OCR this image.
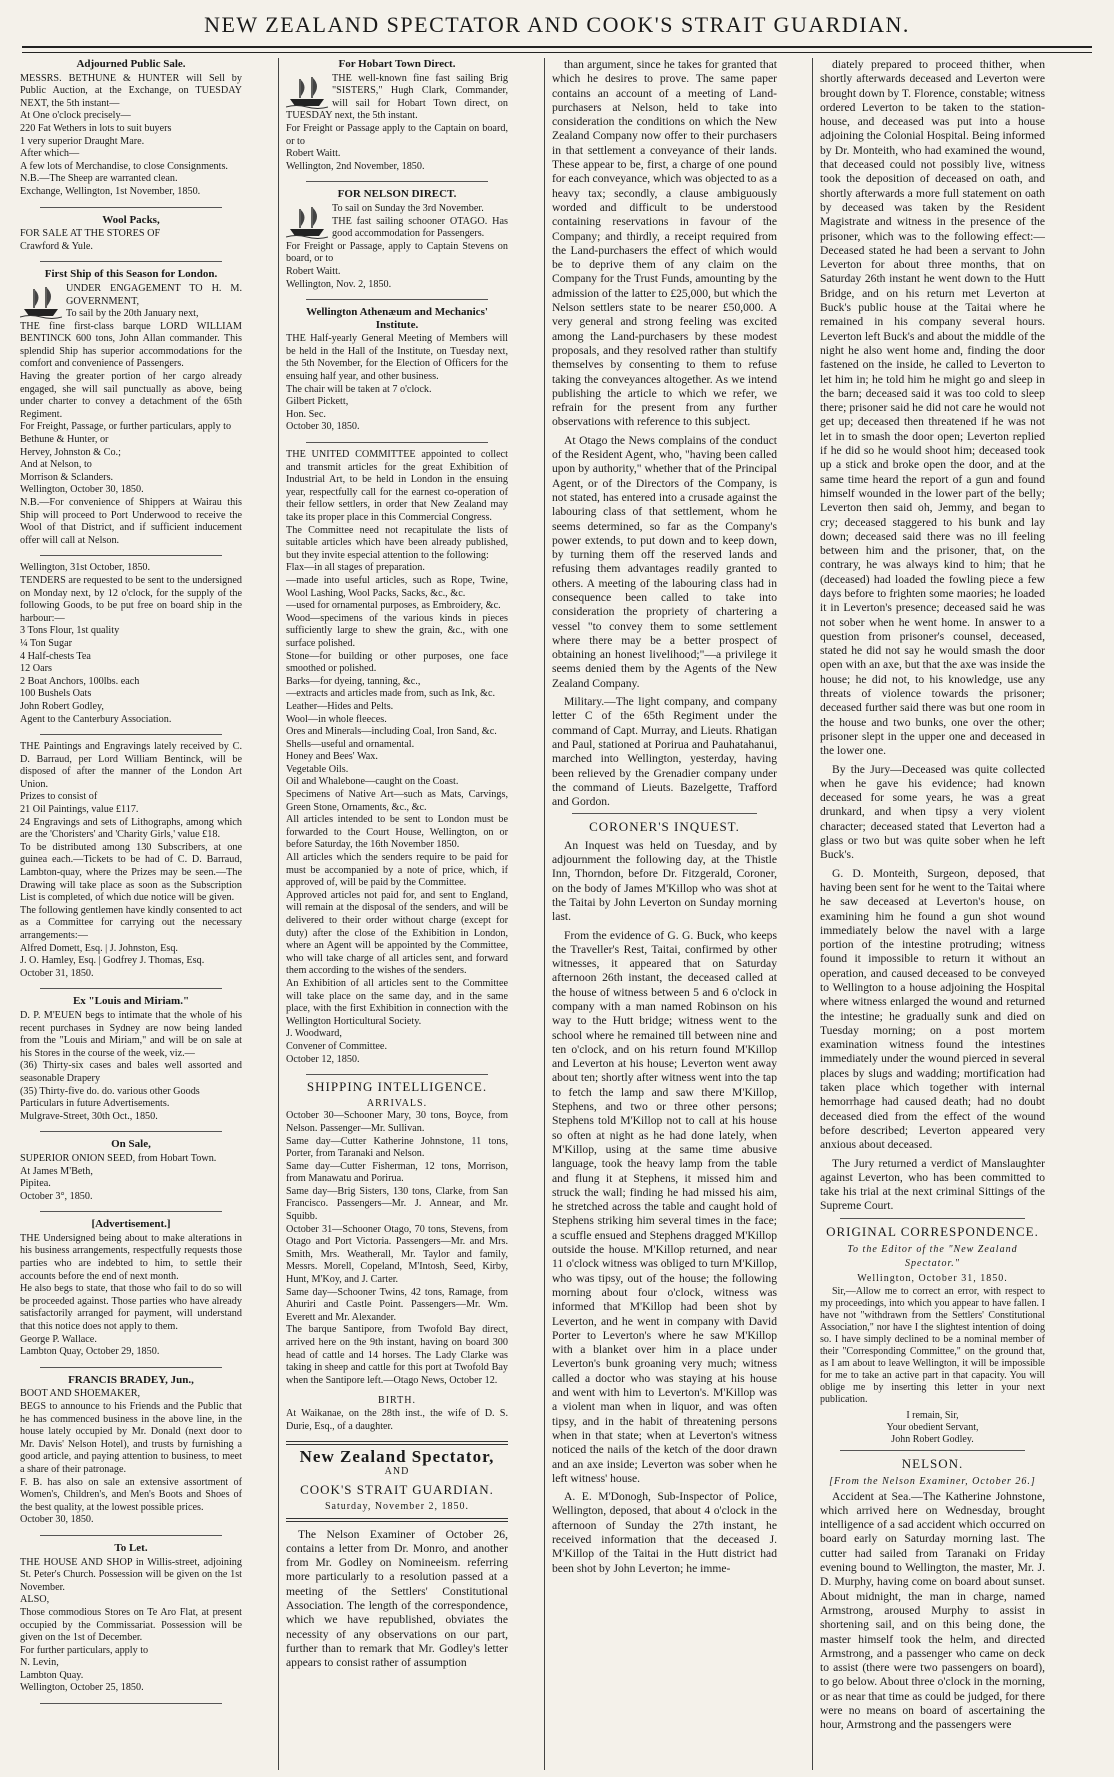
NEW ZEALAND SPECTATOR AND COOK'S STRAIT GUARDIAN.
Adjourned Public Sale.

MESSRS. BETHUNE & HUNTER will Sell by Public Auction, at the Exchange, on TUESDAY NEXT, the 5th instant—

At One o'clock precisely—

220 Fat Wethers in lots to suit buyers

1 very superior Draught Mare.

After which—

A few lots of Merchandise, to close Consignments.

N.B.—The Sheep are warranted clean.

Exchange, Wellington, 1st November, 1850.

Wool Packs,

FOR SALE AT THE STORES OF

Crawford & Yule.

First Ship of this Season for London.

UNDER ENGAGEMENT TO H. M. GOVERNMENT,

To sail by the 20th January next,

THE fine first-class barque LORD WILLIAM BENTINCK 600 tons, John Allan commander. This splendid Ship has superior accommodations for the comfort and convenience of Passengers.

Having the greater portion of her cargo already engaged, she will sail punctually as above, being under charter to convey a detachment of the 65th Regiment.

For Freight, Passage, or further particulars, apply to

Bethune & Hunter, or

Hervey, Johnston & Co.;

And at Nelson, to

Morrison & Sclanders.

Wellington, October 30, 1850.

N.B.—For convenience of Shippers at Wairau this Ship will proceed to Port Underwood to receive the Wool of that District, and if sufficient inducement offer will call at Nelson.

Wellington, 31st October, 1850.

TENDERS are requested to be sent to the undersigned on Monday next, by 12 o'clock, for the supply of the following Goods, to be put free on board ship in the harbour:—

3 Tons Flour, 1st quality

¼ Ton Sugar

4 Half-chests Tea

12 Oars

2 Boat Anchors, 100lbs. each

100 Bushels Oats

John Robert Godley,

Agent to the Canterbury Association.

THE Paintings and Engravings lately received by C. D. Barraud, per Lord William Bentinck, will be disposed of after the manner of the London Art Union.

Prizes to consist of

21 Oil Paintings, value £117.

24 Engravings and sets of Lithographs, among which are the 'Choristers' and 'Charity Girls,' value £18.

To be distributed among 130 Subscribers, at one guinea each.—Tickets to be had of C. D. Barraud, Lambton-quay, where the Prizes may be seen.—The Drawing will take place as soon as the Subscription List is completed, of which due notice will be given.

The following gentlemen have kindly consented to act as a Committee for carrying out the necessary arrangements:—

Alfred Domett, Esq. | J. Johnston, Esq.

J. O. Hamley, Esq. | Godfrey J. Thomas, Esq.

October 31, 1850.

Ex "Louis and Miriam."

D. P. M'EUEN begs to intimate that the whole of his recent purchases in Sydney are now being landed from the "Louis and Miriam," and will be on sale at his Stores in the course of the week, viz.—

(36) Thirty-six cases and bales well assorted and seasonable Drapery

(35) Thirty-five do. do. various other Goods

Particulars in future Advertisements.

Mulgrave-Street, 30th Oct., 1850.

On Sale,

SUPERIOR ONION SEED, from Hobart Town.

At James M'Beth,

Pipitea.

October 3°, 1850.

[Advertisement.]

THE Undersigned being about to make alterations in his business arrangements, respectfully requests those parties who are indebted to him, to settle their accounts before the end of next month.

He also begs to state, that those who fail to do so will be proceeded against. Those parties who have already satisfactorily arranged for payment, will understand that this notice does not apply to them.

George P. Wallace.

Lambton Quay, October 29, 1850.

FRANCIS BRADEY, Jun.,

BOOT AND SHOEMAKER,

BEGS to announce to his Friends and the Public that he has commenced business in the above line, in the house lately occupied by Mr. Donald (next door to Mr. Davis' Nelson Hotel), and trusts by furnishing a good article, and paying attention to business, to meet a share of their patronage.

F. B. has also on sale an extensive assortment of Women's, Children's, and Men's Boots and Shoes of the best quality, at the lowest possible prices.

October 30, 1850.

To Let.

THE HOUSE AND SHOP in Willis-street, adjoining St. Peter's Church. Possession will be given on the 1st November.

ALSO,

Those commodious Stores on Te Aro Flat, at present occupied by the Commissariat. Possession will be given on the 1st of December.

For further particulars, apply to

N. Levin,

Lambton Quay.

Wellington, October 25, 1850.

For Hobart Town Direct.

THE well-known fine fast sailing Brig "SISTERS," Hugh Clark, Commander, will sail for Hobart Town direct, on TUESDAY next, the 5th instant.

For Freight or Passage apply to the Captain on board, or to

Robert Waitt.

Wellington, 2nd November, 1850.

FOR NELSON DIRECT.

To sail on Sunday the 3rd November.

THE fast sailing schooner OTAGO. Has good accommodation for Passengers.

For Freight or Passage, apply to Captain Stevens on board, or to

Robert Waitt.

Wellington, Nov. 2, 1850.

Wellington Athenæum and Mechanics' Institute.

THE Half-yearly General Meeting of Members will be held in the Hall of the Institute, on Tuesday next, the 5th November, for the Election of Officers for the ensuing half year, and other business.

The chair will be taken at 7 o'clock.

Gilbert Pickett,

Hon. Sec.

October 30, 1850.

THE UNITED COMMITTEE appointed to collect and transmit articles for the great Exhibition of Industrial Art, to be held in London in the ensuing year, respectfully call for the earnest co-operation of their fellow settlers, in order that New Zealand may take its proper place in this Commercial Congress.

The Committee need not recapitulate the lists of suitable articles which have been already published, but they invite especial attention to the following:

Flax—in all stages of preparation.

—made into useful articles, such as Rope, Twine, Wool Lashing, Wool Packs, Sacks, &c., &c.

—used for ornamental purposes, as Embroidery, &c.

Wood—specimens of the various kinds in pieces sufficiently large to shew the grain, &c., with one surface polished.

Stone—for building or other purposes, one face smoothed or polished.

Barks—for dyeing, tanning, &c.,

—extracts and articles made from, such as Ink, &c.

Leather—Hides and Pelts.

Wool—in whole fleeces.

Ores and Minerals—including Coal, Iron Sand, &c.

Shells—useful and ornamental.

Honey and Bees' Wax.

Vegetable Oils.

Oil and Whalebone—caught on the Coast.

Specimens of Native Art—such as Mats, Carvings, Green Stone, Ornaments, &c., &c.

All articles intended to be sent to London must be forwarded to the Court House, Wellington, on or before Saturday, the 16th November 1850.

All articles which the senders require to be paid for must be accompanied by a note of price, which, if approved of, will be paid by the Committee.

Approved articles not paid for, and sent to England, will remain at the disposal of the senders, and will be delivered to their order without charge (except for duty) after the close of the Exhibition in London, where an Agent will be appointed by the Committee, who will take charge of all articles sent, and forward them according to the wishes of the senders.

An Exhibition of all articles sent to the Committee will take place on the same day, and in the same place, with the first Exhibition in connection with the Wellington Horticultural Society.

J. Woodward,

Convener of Committee.

October 12, 1850.

SHIPPING INTELLIGENCE.
ARRIVALS.

October 30—Schooner Mary, 30 tons, Boyce, from Nelson. Passenger—Mr. Sullivan.

Same day—Cutter Katherine Johnstone, 11 tons, Porter, from Taranaki and Nelson.

Same day—Cutter Fisherman, 12 tons, Morrison, from Manawatu and Porirua.

Same day—Brig Sisters, 130 tons, Clarke, from San Francisco. Passengers—Mr. J. Annear, and Mr. Squibb.

October 31—Schooner Otago, 70 tons, Stevens, from Otago and Port Victoria. Passengers—Mr. and Mrs. Smith, Mrs. Weatherall, Mr. Taylor and family, Messrs. Morell, Copeland, M'Intosh, Seed, Kirby, Hunt, M'Koy, and J. Carter.

Same day—Schooner Twins, 42 tons, Ramage, from Ahuriri and Castle Point. Passengers—Mr. Wm. Everett and Mr. Alexander.

The barque Santipore, from Twofold Bay direct, arrived here on the 9th instant, having on board 300 head of cattle and 14 horses. The Lady Clarke was taking in sheep and cattle for this port at Twofold Bay when the Santipore left.—Otago News, October 12.

BIRTH.

At Waikanae, on the 28th inst., the wife of D. S. Durie, Esq., of a daughter.

New Zealand Spectator,
AND
COOK'S STRAIT GUARDIAN.
Saturday, November 2, 1850.

The Nelson Examiner of October 26, contains a letter from Dr. Monro, and another from Mr. Godley on Nomineeism. referring more particularly to a resolution passed at a meeting of the Settlers' Constitutional Association. The length of the correspondence, which we have republished, obviates the necessity of any observations on our part, further than to remark that Mr. Godley's letter appears to consist rather of assumption

than argument, since he takes for granted that which he desires to prove. The same paper contains an account of a meeting of Land-purchasers at Nelson, held to take into consideration the conditions on which the New Zealand Company now offer to their purchasers in that settlement a conveyance of their lands. These appear to be, first, a charge of one pound for each conveyance, which was objected to as a heavy tax; secondly, a clause ambiguously worded and difficult to be understood containing reservations in favour of the Company; and thirdly, a receipt required from the Land-purchasers the effect of which would be to deprive them of any claim on the Company for the Trust Funds, amounting by the admission of the latter to £25,000, but which the Nelson settlers state to be nearer £50,000. A very general and strong feeling was excited among the Land-purchasers by these modest proposals, and they resolved rather than stultify themselves by consenting to them to refuse taking the conveyances altogether. As we intend publishing the article to which we refer, we refrain for the present from any further observations with reference to this subject.

At Otago the News complains of the conduct of the Resident Agent, who, "having been called upon by authority," whether that of the Principal Agent, or of the Directors of the Company, is not stated, has entered into a crusade against the labouring class of that settlement, whom he seems determined, so far as the Company's power extends, to put down and to keep down, by turning them off the reserved lands and refusing them advantages readily granted to others. A meeting of the labouring class had in consequence been called to take into consideration the propriety of chartering a vessel "to convey them to some settlement where there may be a better prospect of obtaining an honest livelihood;"—a privilege it seems denied them by the Agents of the New Zealand Company.

Military.—The light company, and company letter C of the 65th Regiment under the command of Capt. Murray, and Lieuts. Rhatigan and Paul, stationed at Porirua and Pauhatahanui, marched into Wellington, yesterday, having been relieved by the Grenadier company under the command of Lieuts. Bazelgette, Trafford and Gordon.

CORONER'S INQUEST.

An Inquest was held on Tuesday, and by adjournment the following day, at the Thistle Inn, Thorndon, before Dr. Fitzgerald, Coroner, on the body of James M'Killop who was shot at the Taitai by John Leverton on Sunday morning last.

From the evidence of G. G. Buck, who keeps the Traveller's Rest, Taitai, confirmed by other witnesses, it appeared that on Saturday afternoon 26th instant, the deceased called at the house of witness between 5 and 6 o'clock in company with a man named Robinson on his way to the Hutt bridge; witness went to the school where he remained till between nine and ten o'clock, and on his return found M'Killop and Leverton at his house; Leverton went away about ten; shortly after witness went into the tap to fetch the lamp and saw there M'Killop, Stephens, and two or three other persons; Stephens told M'Killop not to call at his house so often at night as he had done lately, when M'Killop, using at the same time abusive language, took the heavy lamp from the table and flung it at Stephens, it missed him and struck the wall; finding he had missed his aim, he stretched across the table and caught hold of Stephens striking him several times in the face; a scuffle ensued and Stephens dragged M'Killop outside the house. M'Killop returned, and near 11 o'clock witness was obliged to turn M'Killop, who was tipsy, out of the house; the following morning about four o'clock, witness was informed that M'Killop had been shot by Leverton, and he went in company with David Porter to Leverton's where he saw M'Killop with a blanket over him in a place under Leverton's bunk groaning very much; witness called a doctor who was staying at his house and went with him to Leverton's. M'Killop was a violent man when in liquor, and was often tipsy, and in the habit of threatening persons when in that state; when at Leverton's witness noticed the nails of the ketch of the door drawn and an axe inside; Leverton was sober when he left witness' house.

A. E. M'Donogh, Sub-Inspector of Police, Wellington, deposed, that about 4 o'clock in the afternoon of Sunday the 27th instant, he received information that the deceased J. M'Killop of the Taitai in the Hutt district had been shot by John Leverton; he imme-

diately prepared to proceed thither, when shortly afterwards deceased and Leverton were brought down by T. Florence, constable; witness ordered Leverton to be taken to the station-house, and deceased was put into a house adjoining the Colonial Hospital. Being informed by Dr. Monteith, who had examined the wound, that deceased could not possibly live, witness took the deposition of deceased on oath, and shortly afterwards a more full statement on oath by deceased was taken by the Resident Magistrate and witness in the presence of the prisoner, which was to the following effect:—Deceased stated he had been a servant to John Leverton for about three months, that on Saturday 26th instant he went down to the Hutt Bridge, and on his return met Leverton at Buck's public house at the Taitai where he remained in his company several hours. Leverton left Buck's and about the middle of the night he also went home and, finding the door fastened on the inside, he called to Leverton to let him in; he told him he might go and sleep in the barn; deceased said it was too cold to sleep there; prisoner said he did not care he would not get up; deceased then threatened if he was not let in to smash the door open; Leverton replied if he did so he would shoot him; deceased took up a stick and broke open the door, and at the same time heard the report of a gun and found himself wounded in the lower part of the belly; Leverton then said oh, Jemmy, and began to cry; deceased staggered to his bunk and lay down; deceased said there was no ill feeling between him and the prisoner, that, on the contrary, he was always kind to him; that he (deceased) had loaded the fowling piece a few days before to frighten some maories; he loaded it in Leverton's presence; deceased said he was not sober when he went home. In answer to a question from prisoner's counsel, deceased, stated he did not say he would smash the door open with an axe, but that the axe was inside the house; he did not, to his knowledge, use any threats of violence towards the prisoner; deceased further said there was but one room in the house and two bunks, one over the other; prisoner slept in the upper one and deceased in the lower one.

By the Jury—Deceased was quite collected when he gave his evidence; had known deceased for some years, he was a great drunkard, and when tipsy a very violent character; deceased stated that Leverton had a glass or two but was quite sober when he left Buck's.

G. D. Monteith, Surgeon, deposed, that having been sent for he went to the Taitai where he saw deceased at Leverton's house, on examining him he found a gun shot wound immediately below the navel with a large portion of the intestine protruding; witness found it impossible to return it without an operation, and caused deceased to be conveyed to Wellington to a house adjoining the Hospital where witness enlarged the wound and returned the intestine; he gradually sunk and died on Tuesday morning; on a post mortem examination witness found the intestines immediately under the wound pierced in several places by slugs and wadding; mortification had taken place which together with internal hemorrhage had caused death; had no doubt deceased died from the effect of the wound before described; Leverton appeared very anxious about deceased.

The Jury returned a verdict of Manslaughter against Leverton, who has been committed to take his trial at the next criminal Sittings of the Supreme Court.

ORIGINAL CORRESPONDENCE.
To the Editor of the "New Zealand Spectator."
Wellington, October 31, 1850.

Sir,—Allow me to correct an error, with respect to my proceedings, into which you appear to have fallen. I have not "withdrawn from the Settlers' Constitutional Association," nor have I the slightest intention of doing so. I have simply declined to be a nominal member of their "Corresponding Committee," on the ground that, as I am about to leave Wellington, it will be impossible for me to take an active part in that capacity. You will oblige me by inserting this letter in your next publication.

I remain, Sir,
Your obedient Servant,
John Robert Godley.
NELSON.
[From the Nelson Examiner, October 26.]

Accident at Sea.—The Katherine Johnstone, which arrived here on Wednesday, brought intelligence of a sad accident which occurred on board early on Saturday morning last. The cutter had sailed from Taranaki on Friday evening bound to Wellington, the master, Mr. J. D. Murphy, having come on board about sunset. About midnight, the man in charge, named Armstrong, aroused Murphy to assist in shortening sail, and on this being done, the master himself took the helm, and directed Armstrong, and a passenger who came on deck to assist (there were two passengers on board), to go below. About three o'clock in the morning, or as near that time as could be judged, for there were no means on board of ascertaining the hour, Armstrong and the passengers were
